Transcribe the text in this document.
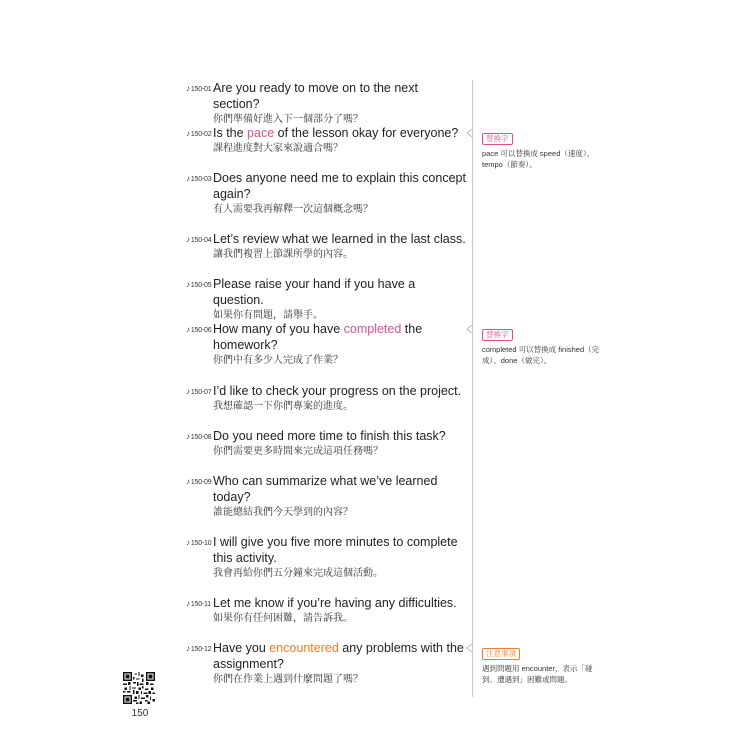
♪150-01 Are you ready to move on to the next section?
你們準備好進入下一個部分了嗎？
♪150-02 Is the pace of the lesson okay for everyone?
課程進度對大家來說適合嗎？
♪150-03 Does anyone need me to explain this concept again?
有人需要我再解釋一次這個概念嗎？
♪150-04 Let’s review what we learned in the last class.
讓我們複習上節課所學的內容。
♪150-05 Please raise your hand if you have a question.
如果你有問題，請舉手。
♪150-06 How many of you have completed the homework?
你們中有多少人完成了作業？
♪150-07 I’d like to check your progress on the project.
我想確認一下你們專案的進度。
♪150-08 Do you need more time to finish this task?
你們需要更多時間來完成這項任務嗎？
♪150-09 Who can summarize what we’ve learned today?
誰能總結我們今天學到的內容？
♪150-10 I will give you five more minutes to complete this activity.
我會再給你們五分鐘來完成這個活動。
♪150-11 Let me know if you’re having any difficulties.
如果你有任何困難，請告訴我。
♪150-12 Have you encountered any problems with the assignment?
你們在作業上遇到什麼問題了嗎？
替換字
pace 可以替換成 speed（速度）、tempo（節奏）。
替換字
completed 可以替換成 finished（完成）、done（做完）。
注意事項
遇到問題用 encounter，表示「碰到、遭遇到」困難或問題。
150
